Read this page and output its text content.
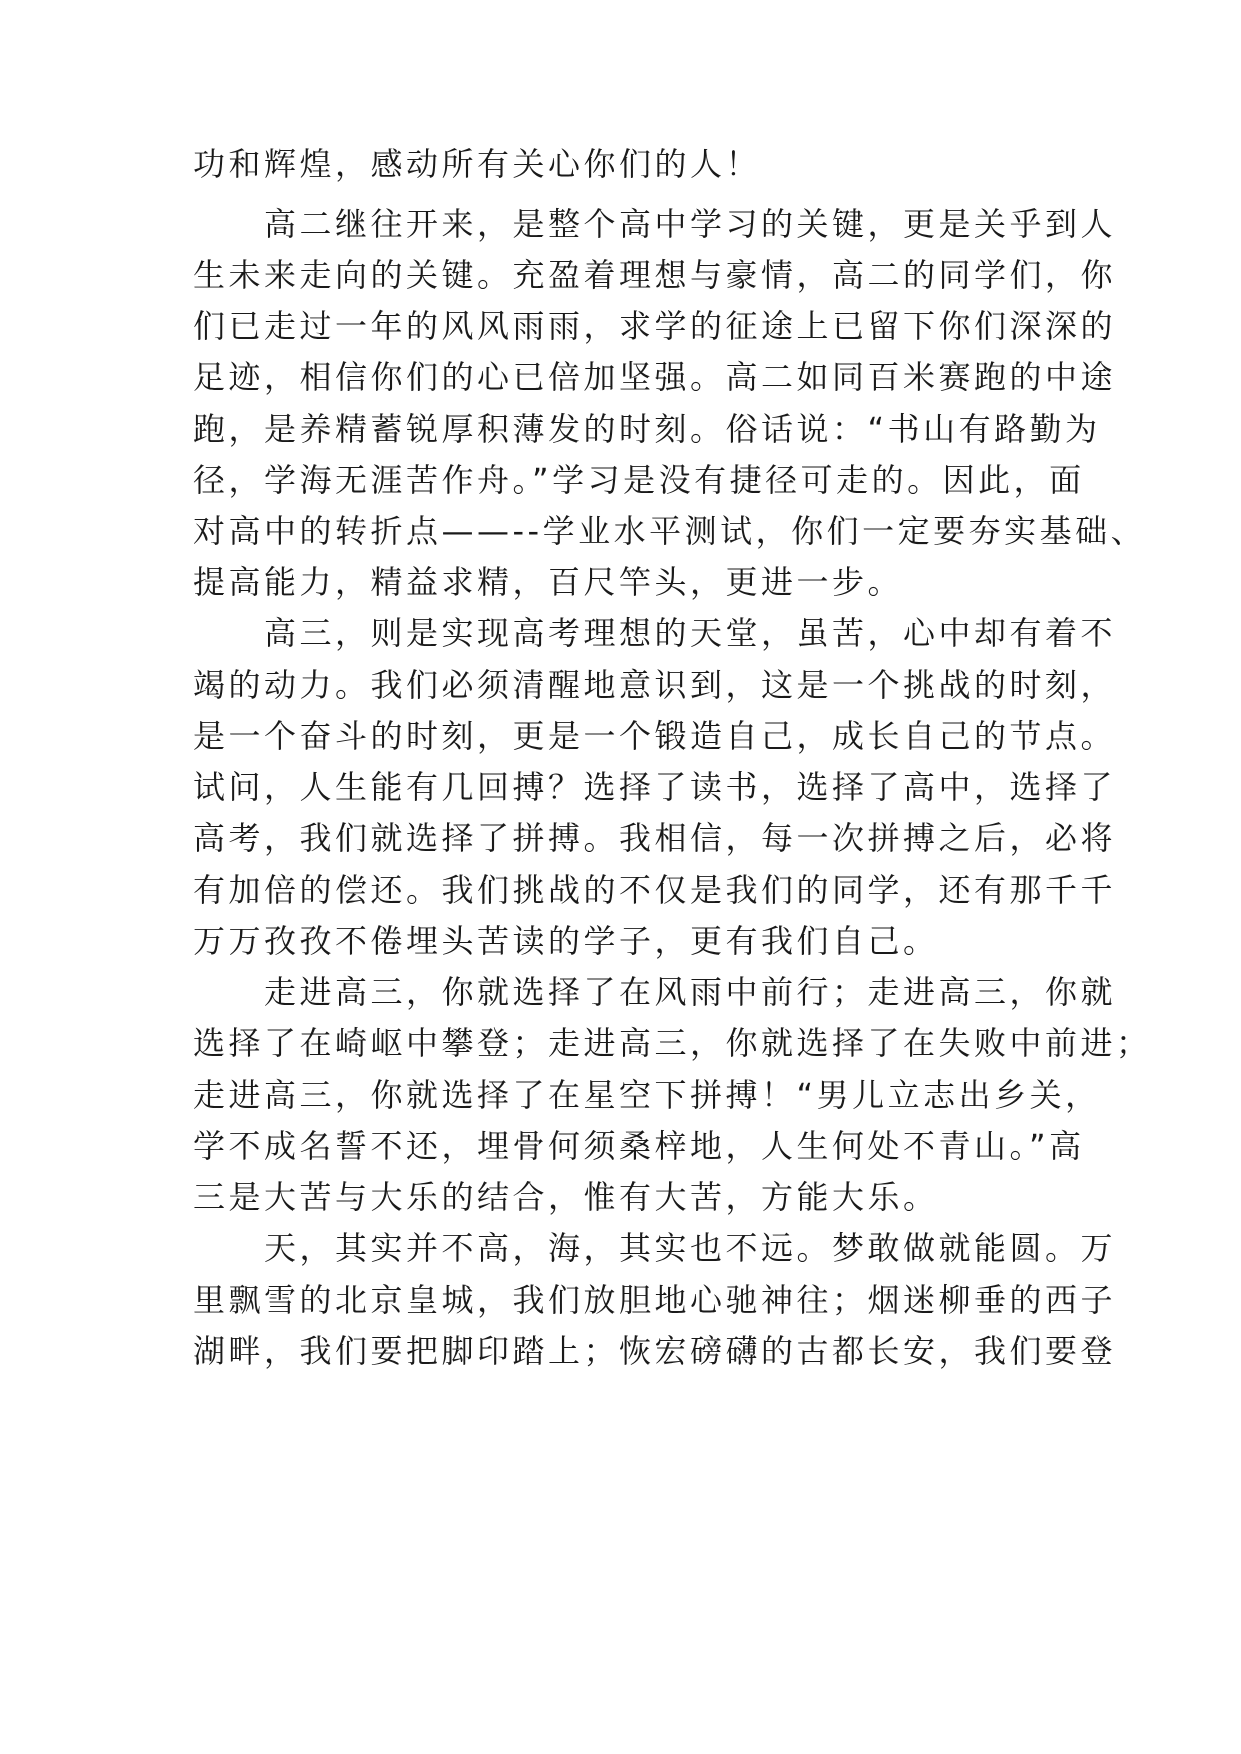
功和辉煌，感动所有关心你们的人！
　　高二继往开来，是整个高中学习的关键，更是关乎到人
生未来走向的关键。充盈着理想与豪情，高二的同学们，你
们已走过一年的风风雨雨，求学的征途上已留下你们深深的
足迹，相信你们的心已倍加坚强。高二如同百米赛跑的中途
跑，是养精蓄锐厚积薄发的时刻。俗话说：“书山有路勤为
径，学海无涯苦作舟。”学习是没有捷径可走的。因此，面
对高中的转折点——--学业水平测试，你们一定要夯实基础、
提高能力，精益求精，百尺竿头，更进一步。
　　高三，则是实现高考理想的天堂，虽苦，心中却有着不
竭的动力。我们必须清醒地意识到，这是一个挑战的时刻，
是一个奋斗的时刻，更是一个锻造自己，成长自己的节点。
试问，人生能有几回搏？选择了读书，选择了高中，选择了
高考，我们就选择了拼搏。我相信，每一次拼搏之后，必将
有加倍的偿还。我们挑战的不仅是我们的同学，还有那千千
万万孜孜不倦埋头苦读的学子，更有我们自己。
　　走进高三，你就选择了在风雨中前行；走进高三，你就
选择了在崎岖中攀登；走进高三，你就选择了在失败中前进；
走进高三，你就选择了在星空下拼搏！“男儿立志出乡关，
学不成名誓不还，埋骨何须桑梓地，人生何处不青山。”高
三是大苦与大乐的结合，惟有大苦，方能大乐。
　　天，其实并不高，海，其实也不远。梦敢做就能圆。万
里飘雪的北京皇城，我们放胆地心驰神往；烟迷柳垂的西子
湖畔，我们要把脚印踏上；恢宏磅礴的古都长安，我们要登
